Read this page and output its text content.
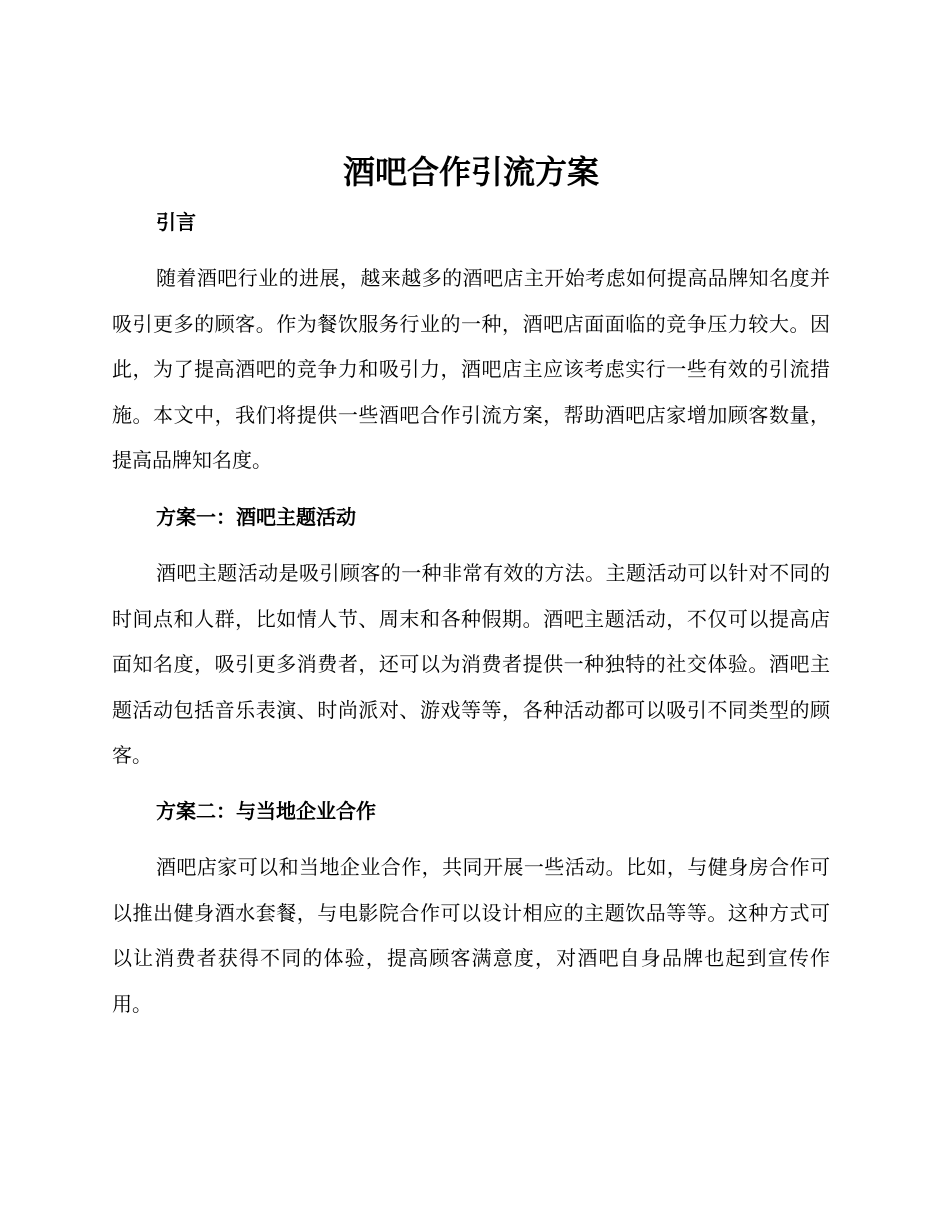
酒吧合作引流方案
引言

随着酒吧行业的进展，越来越多的酒吧店主开始考虑如何提高品牌知名度并吸引更多的顾客。作为餐饮服务行业的一种，酒吧店面面临的竞争压力较大。因此，为了提高酒吧的竞争力和吸引力，酒吧店主应该考虑实行一些有效的引流措施。本文中，我们将提供一些酒吧合作引流方案，帮助酒吧店家增加顾客数量，提高品牌知名度。

方案一：酒吧主题活动

酒吧主题活动是吸引顾客的一种非常有效的方法。主题活动可以针对不同的时间点和人群，比如情人节、周末和各种假期。酒吧主题活动，不仅可以提高店面知名度，吸引更多消费者，还可以为消费者提供一种独特的社交体验。酒吧主题活动包括音乐表演、时尚派对、游戏等等，各种活动都可以吸引不同类型的顾客。

方案二：与当地企业合作

酒吧店家可以和当地企业合作，共同开展一些活动。比如，与健身房合作可以推出健身酒水套餐，与电影院合作可以设计相应的主题饮品等等。这种方式可以让消费者获得不同的体验，提高顾客满意度，对酒吧自身品牌也起到宣传作用。
